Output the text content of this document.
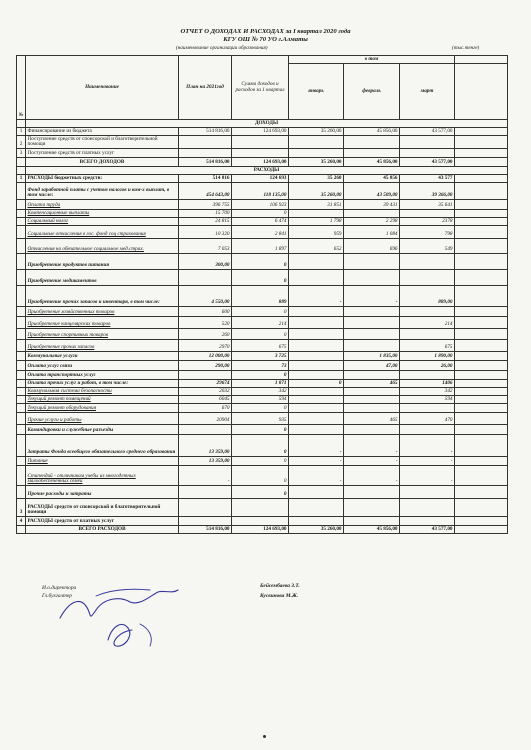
ОТЧЕТ О ДОХОДАХ И РАСХОДАХ за I квартал 2020 года
КГУ ОШ № 70 УО г.Алматы
(наименование организации образования)	(тыс.тенге)
№	Наименование	План на 2021год	Сумма доходов и расходов за 1 квартал	в том			
				январь	февраль	март	
	ДОХОДЫ						
1	Финансирование из бюджета	514 816,00	124 693,00	35 260,00	45 856,00	43 577,00	
2	Поступление средств от спонсорской и благотворительной помощи						
3	Поступление средств от платных услуг						
	ВСЕГО ДОХОДОВ	514 816,00	124 693,00	35 260,00	45 856,00	43 577,00	
	РАСХОДЫ						
1	РАСХОДЫ бюджетных средств:	514 816	124 693	35 260	45 856	43 577	
	Фонд заработной платы с учетом налогов и ком-х выплат, в том числе:	454 643,00	118 135,00	35 260,00	43 509,00	39 366,00	
	Оплата труда	396 755	106 923	31 851	39 431	35 641	
	Компенсационные выплаты	15 700	0				
	Социальный налог	24 815	6 474	1 798	2 298	2378	
	Социальные отчисления в гос. фонд соц страхования	10 320	2 841	959	1 084	798	
	Отчисления на обязательное социальное мед.страх.	7 053	1 897	652	696	549	
	Приобретение продуктов питания	300,00	0				
	Приобретение медикаментов		0				
	Приобретение прочих запасов и инвентаря, в том числе:	4 550,00	889	-	-	889,00	
	Приобретение хозяйственных товаров	600	0				
	Приобретение канцелярских товаров	520	214			214	
	Приобретение спортивных товаров	260	0				
	Приобретение прочих запасов	2970	675			675	
	Коммунальные услуги	12 000,00	3 725		1 835,00	1 890,00	
	Оплата услуг связи	290,00	73		47,00	26,00	
	Оплата транспортных услуг		0				
	Оплата прочих услуг и работ, в том числе:	29674	1 871	0	465	1406	
	Коммунальная система безопасности	2032	342			342	
	Текущий ремонт помещений	6045	594			594	
	Текущий ремонт оборудования	670	0				
	Прочие услуги и работы	20904	935		465	470	
	Командировки и служебные разъезды		0				
	Затраты Фонда всеобщего обязательного среднего образования	13 359,00	0	-	-	-	
	Питание	13 359,00	0	-	-	-	
	Стипендий - отличникам учебы из многодетных малообеспеченных семей	-	0	-	-	-	
	Прочие расходы и затраты		0				
3	РАСХОДЫ средств от спонсорской и благотворительной помощи						
4	РАСХОДЫ средств от платных услуг						
	ВСЕГО РАСХОДОВ	514 816,00	124 693,00	35 260,00	45 856,00	43 577,00	
И.о.директора
Гл.бухгалтер
Бейсембаева З.Т.
Кусвинова М.Ж.
